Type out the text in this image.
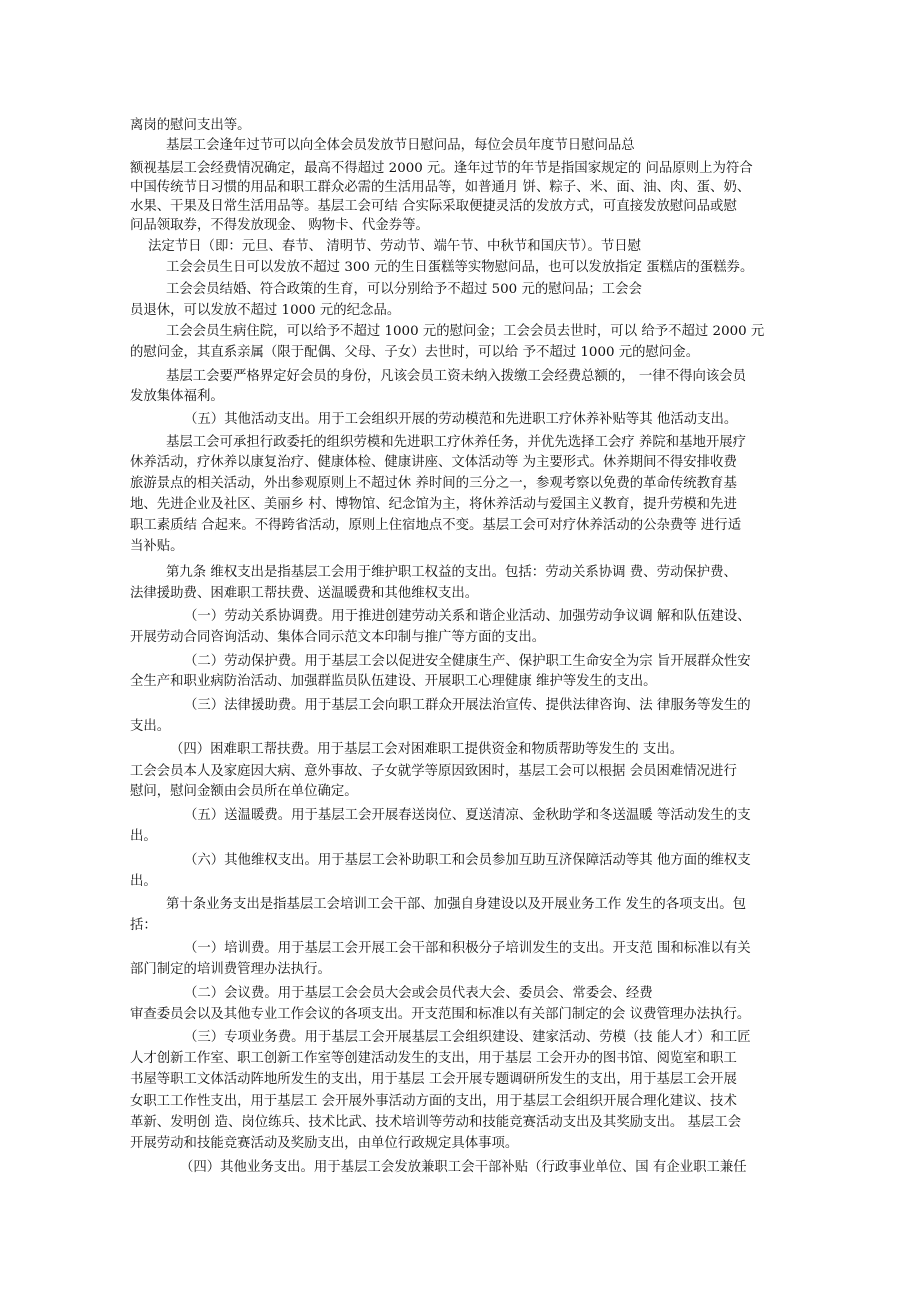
离岗的慰问支出等。

基层工会逢年过节可以向全体会员发放节日慰问品，每位会员年度节日慰问品总

额视基层工会经费情况确定，最高不得超过 2000 元。逢年过节的年节是指国家规定的 问品原则上为符合

中国传统节日习惯的用品和职工群众必需的生活用品等，如普通月 饼、粽子、米、面、油、肉、蛋、奶、

水果、干果及日常生活用品等。基层工会可结 合实际采取便捷灵活的发放方式，可直接发放慰问品或慰

问品领取券，不得发放现金、 购物卡、代金券等。

法定节日（即：元旦、春节、 清明节、劳动节、端午节、中秋节和国庆节）。节日慰

工会会员生日可以发放不超过 300 元的生日蛋糕等实物慰问品，也可以发放指定 蛋糕店的蛋糕券。

工会会员结婚、符合政策的生育，可以分别给予不超过 500 元的慰问品；工会会

员退休，可以发放不超过 1000 元的纪念品。

工会会员生病住院，可以给予不超过 1000 元的慰问金；工会会员去世时，可以 给予不超过 2000 元

的慰问金，其直系亲属（限于配偶、父母、子女）去世时，可以给 予不超过 1000 元的慰问金。

基层工会要严格界定好会员的身份，凡该会员工资未纳入拨缴工会经费总额的， 一律不得向该会员

发放集体福利。

（五）其他活动支出。用于工会组织开展的劳动模范和先进职工疗休养补贴等其 他活动支出。

基层工会可承担行政委托的组织劳模和先进职工疗休养任务，并优先选择工会疗 养院和基地开展疗

休养活动，疗休养以康复治疗、健康体检、健康讲座、文体活动等 为主要形式。休养期间不得安排收费

旅游景点的相关活动，外出参观原则上不超过休 养时间的三分之一，参观考察以免费的革命传统教育基

地、先进企业及社区、美丽乡 村、博物馆、纪念馆为主，将休养活动与爱国主义教育，提升劳模和先进

职工素质结 合起来。不得跨省活动，原则上住宿地点不变。基层工会可对疗休养活动的公杂费等 进行适

当补贴。

第九条 维权支出是指基层工会用于维护职工权益的支出。包括：劳动关系协调 费、劳动保护费、

法律援助费、困难职工帮扶费、送温暖费和其他维权支出。

（一）劳动关系协调费。用于推进创建劳动关系和谐企业活动、加强劳动争议调 解和队伍建设、

开展劳动合同咨询活动、集体合同示范文本印制与推广等方面的支出。

（二）劳动保护费。用于基层工会以促进安全健康生产、保护职工生命安全为宗 旨开展群众性安

全生产和职业病防治活动、加强群监员队伍建设、开展职工心理健康 维护等发生的支出。

（三）法律援助费。用于基层工会向职工群众开展法治宣传、提供法律咨询、法 律服务等发生的

支出。

（四）困难职工帮扶费。用于基层工会对困难职工提供资金和物质帮助等发生的 支出。

工会会员本人及家庭因大病、意外事故、子女就学等原因致困时，基层工会可以根据 会员困难情况进行

慰问，慰问金额由会员所在单位确定。

（五）送温暖费。用于基层工会开展春送岗位、夏送清凉、金秋助学和冬送温暖 等活动发生的支

出。

（六）其他维权支出。用于基层工会补助职工和会员参加互助互济保障活动等其 他方面的维权支

出。

第十条业务支出是指基层工会培训工会干部、加强自身建设以及开展业务工作 发生的各项支出。包

括：

（一）培训费。用于基层工会开展工会干部和积极分子培训发生的支出。开支范 围和标准以有关

部门制定的培训费管理办法执行。

（二）会议费。用于基层工会会员大会或会员代表大会、委员会、常委会、经费

审查委员会以及其他专业工作会议的各项支出。开支范围和标准以有关部门制定的会 议费管理办法执行。

（三）专项业务费。用于基层工会开展基层工会组织建设、建家活动、劳模（技 能人才）和工匠

人才创新工作室、职工创新工作室等创建活动发生的支出，用于基层 工会开办的图书馆、阅览室和职工

书屋等职工文体活动阵地所发生的支出，用于基层 工会开展专题调研所发生的支出，用于基层工会开展

女职工工作性支出，用于基层工 会开展外事活动方面的支出，用于基层工会组织开展合理化建议、技术

革新、发明创 造、岗位练兵、技术比武、技术培训等劳动和技能竞赛活动支出及其奖励支出。 基层工会

开展劳动和技能竞赛活动及奖励支出，由单位行政规定具体事项。

（四）其他业务支出。用于基层工会发放兼职工会干部补贴（行政事业单位、国 有企业职工兼任
